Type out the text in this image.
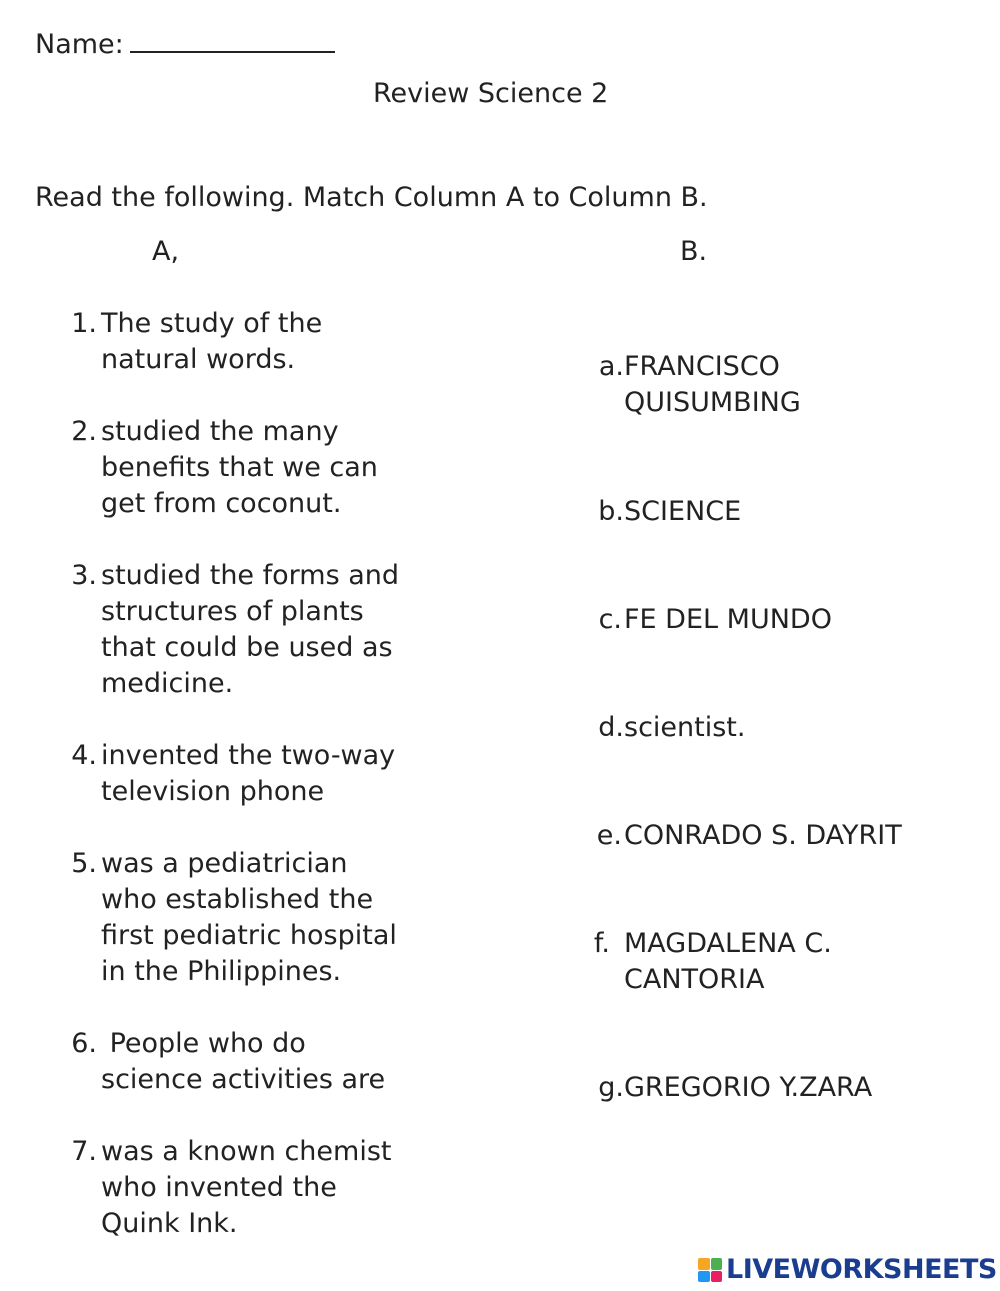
Name:
Review Science 2
Read the following. Match Column A to Column B.
A,	B.
1. The study of the
natural words.
2. studied the many
benefits that we can
get from coconut.
3. studied the forms and
structures of plants
that could be used as
medicine.
4. invented the two-way
television phone
5. was a pediatrician
who established the
first pediatric hospital
in the Philippines.
6. People who do
science activities are
7. was a known chemist
who invented the
Quink Ink.
a. FRANCISCO
QUISUMBING
b. SCIENCE
c. FE DEL MUNDO
d. scientist.
e. CONRADO S. DAYRIT
f. MAGDALENA C.
CANTORIA
g. GREGORIO Y.ZARA
LIVEWORKSHEETS
